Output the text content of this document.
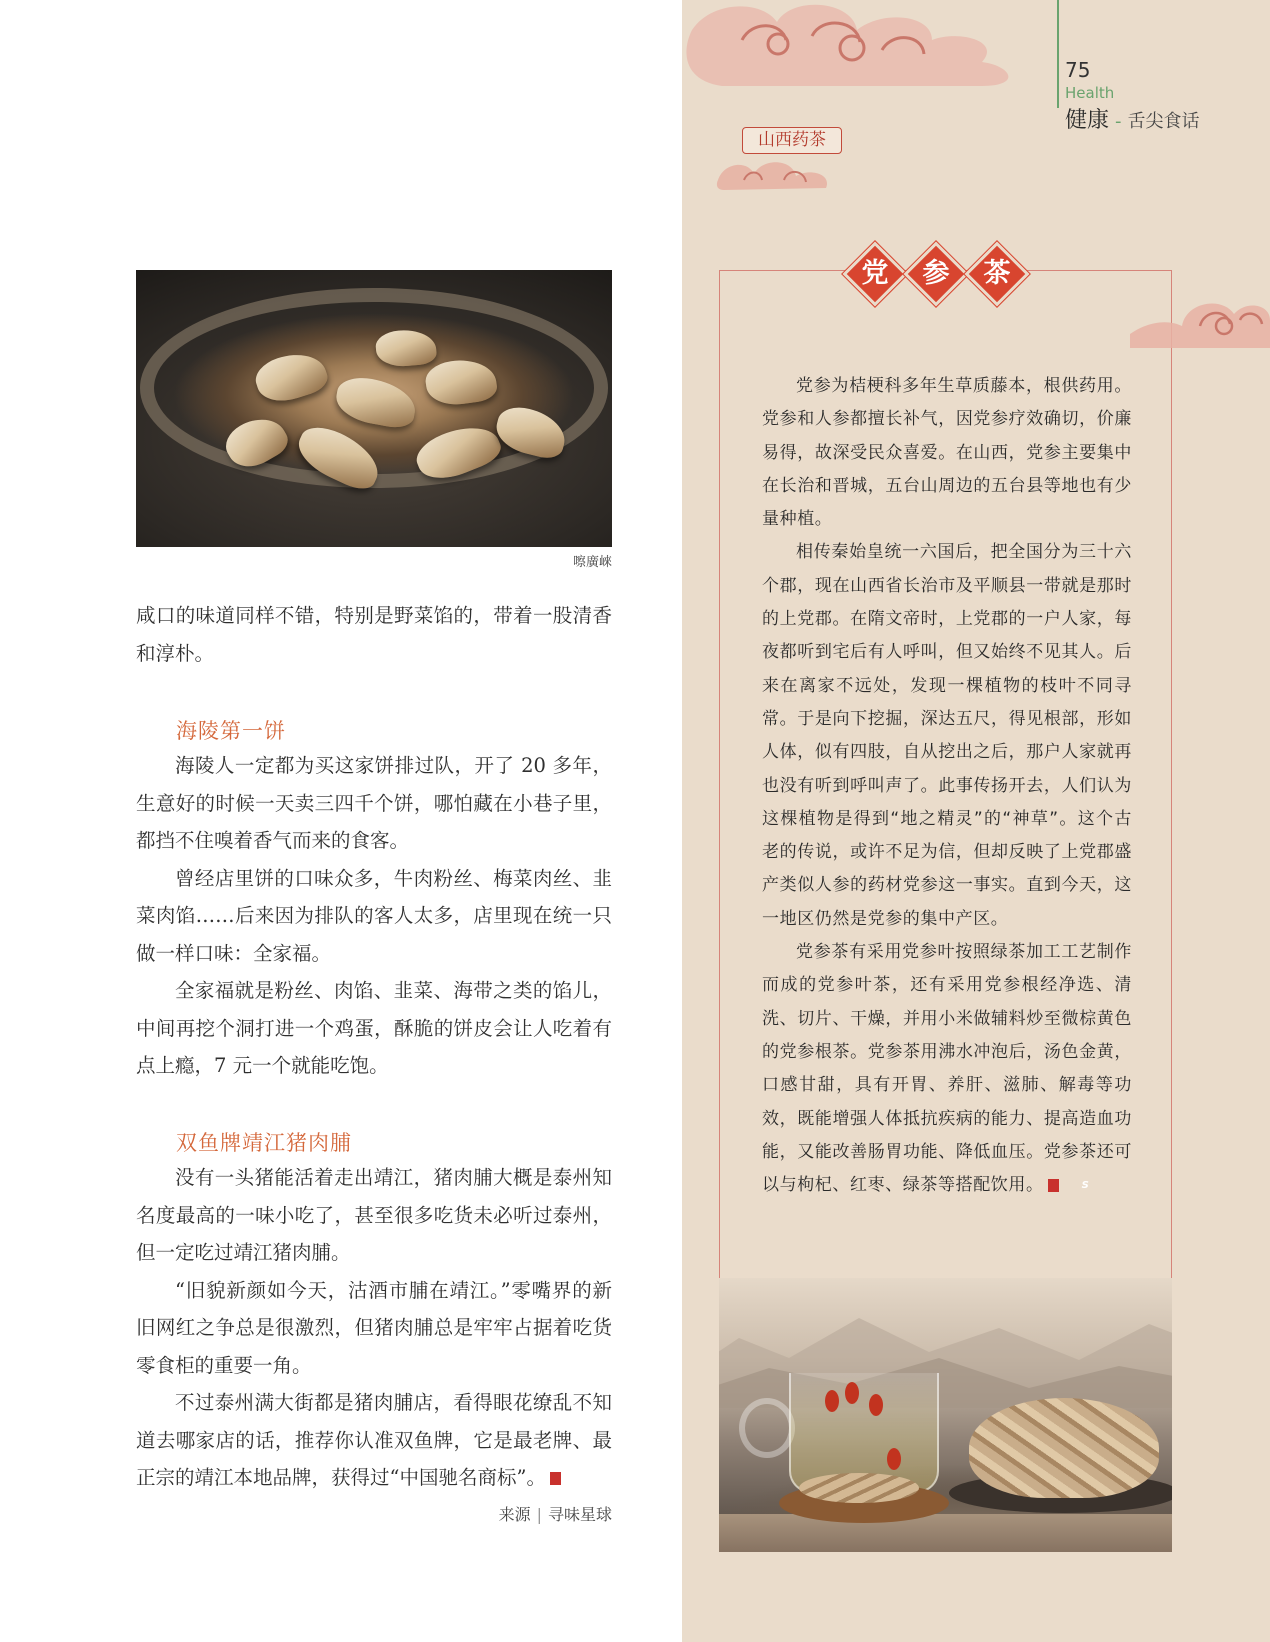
嚓廣崍

咸口的味道同样不错，特别是野菜馅的，带着一股清香和淳朴。

海陵第一饼

海陵人一定都为买这家饼排过队，开了 20 多年，生意好的时候一天卖三四千个饼，哪怕藏在小巷子里，都挡不住嗅着香气而来的食客。

曾经店里饼的口味众多，牛肉粉丝、梅菜肉丝、韭菜肉馅……后来因为排队的客人太多，店里现在统一只做一样口味：全家福。

全家福就是粉丝、肉馅、韭菜、海带之类的馅儿，中间再挖个洞打进一个鸡蛋，酥脆的饼皮会让人吃着有点上瘾，7 元一个就能吃饱。

双鱼牌靖江猪肉脯

没有一头猪能活着走出靖江，猪肉脯大概是泰州知名度最高的一味小吃了，甚至很多吃货未必听过泰州，但一定吃过靖江猪肉脯。

“旧貌新颜如今天，沽酒市脯在靖江。”零嘴界的新旧网红之争总是很激烈，但猪肉脯总是牢牢占据着吃货零食柜的重要一角。

不过泰州满大街都是猪肉脯店，看得眼花缭乱不知道去哪家店的话，推荐你认准双鱼牌，它是最老牌、最正宗的靖江本地品牌，获得过“中国驰名商标”。	S

来源 | 寻味星球
75
Health
健康 - 舌尖食话
山西药茶
党	参	茶

党参为桔梗科多年生草质藤本，根供药用。党参和人参都擅长补气，因党参疗效确切，价廉易得，故深受民众喜爱。在山西，党参主要集中在长治和晋城，五台山周边的五台县等地也有少量种植。

相传秦始皇统一六国后，把全国分为三十六个郡，现在山西省长治市及平顺县一带就是那时的上党郡。在隋文帝时，上党郡的一户人家，每夜都听到宅后有人呼叫，但又始终不见其人。后来在离家不远处，发现一棵植物的枝叶不同寻常。于是向下挖掘，深达五尺，得见根部，形如人体，似有四肢，自从挖出之后，那户人家就再也没有听到呼叫声了。此事传扬开去，人们认为这棵植物是得到“地之精灵”的“神草”。这个古老的传说，或许不足为信，但却反映了上党郡盛产类似人参的药材党参这一事实。直到今天，这一地区仍然是党参的集中产区。

党参茶有采用党参叶按照绿茶加工工艺制作而成的党参叶茶，还有采用党参根经净选、清洗、切片、干燥，并用小米做辅料炒至微棕黄色的党参根茶。党参茶用沸水冲泡后，汤色金黄，口感甘甜，具有开胃、养肝、滋肺、解毒等功效，既能增强人体抵抗疾病的能力、提高造血功能，又能改善肠胃功能、降低血压。党参茶还可以与枸杞、红枣、绿茶等搭配饮用。	S
